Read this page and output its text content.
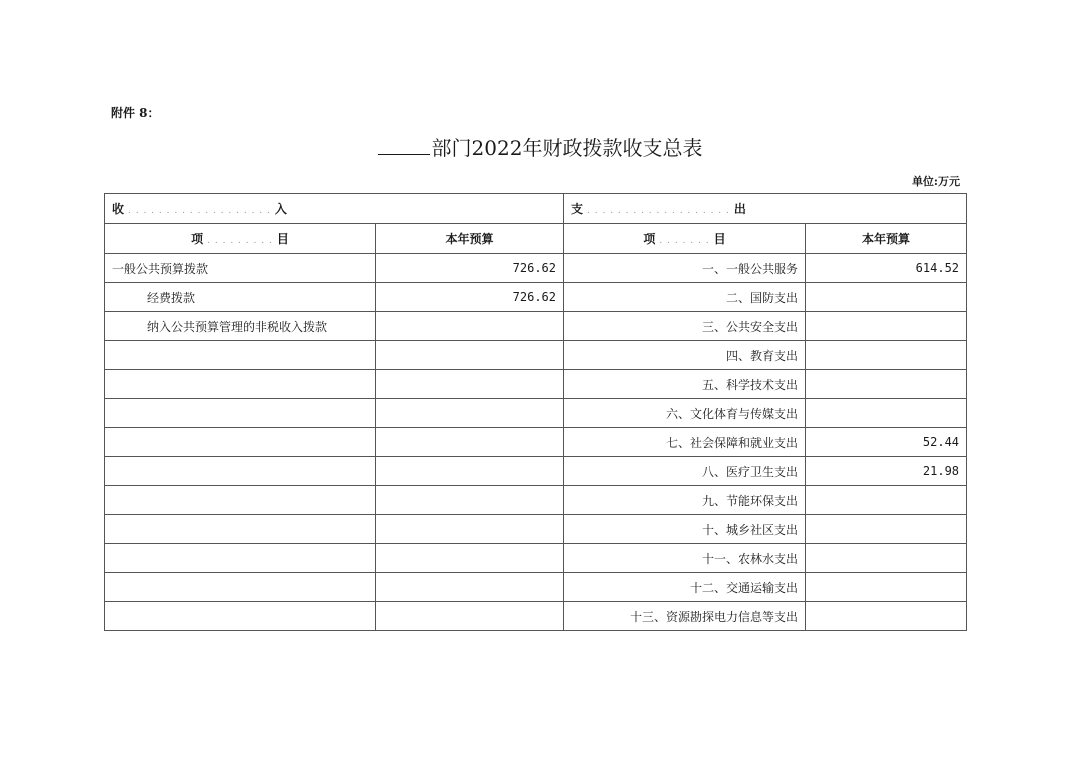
附件 8：
部门2022年财政拨款收支总表
单位:万元
收 . . . . . . . . . . . . . . . . . . . 入		支 . . . . . . . . . . . . . . . . . . . 出	
项 . . . . . . . . . 目	本年预算	项 . . . . . . . 目	本年预算
一般公共预算拨款	726.62	一、一般公共服务	614.52
经费拨款	726.62	二、国防支出	
纳入公共预算管理的非税收入拨款		三、公共安全支出	
		四、教育支出	
		五、科学技术支出	
		六、文化体育与传媒支出	
		七、社会保障和就业支出	52.44
		八、医疗卫生支出	21.98
		九、节能环保支出	
		十、城乡社区支出	
		十一、农林水支出	
		十二、交通运输支出	
		十三、资源勘探电力信息等支出	
